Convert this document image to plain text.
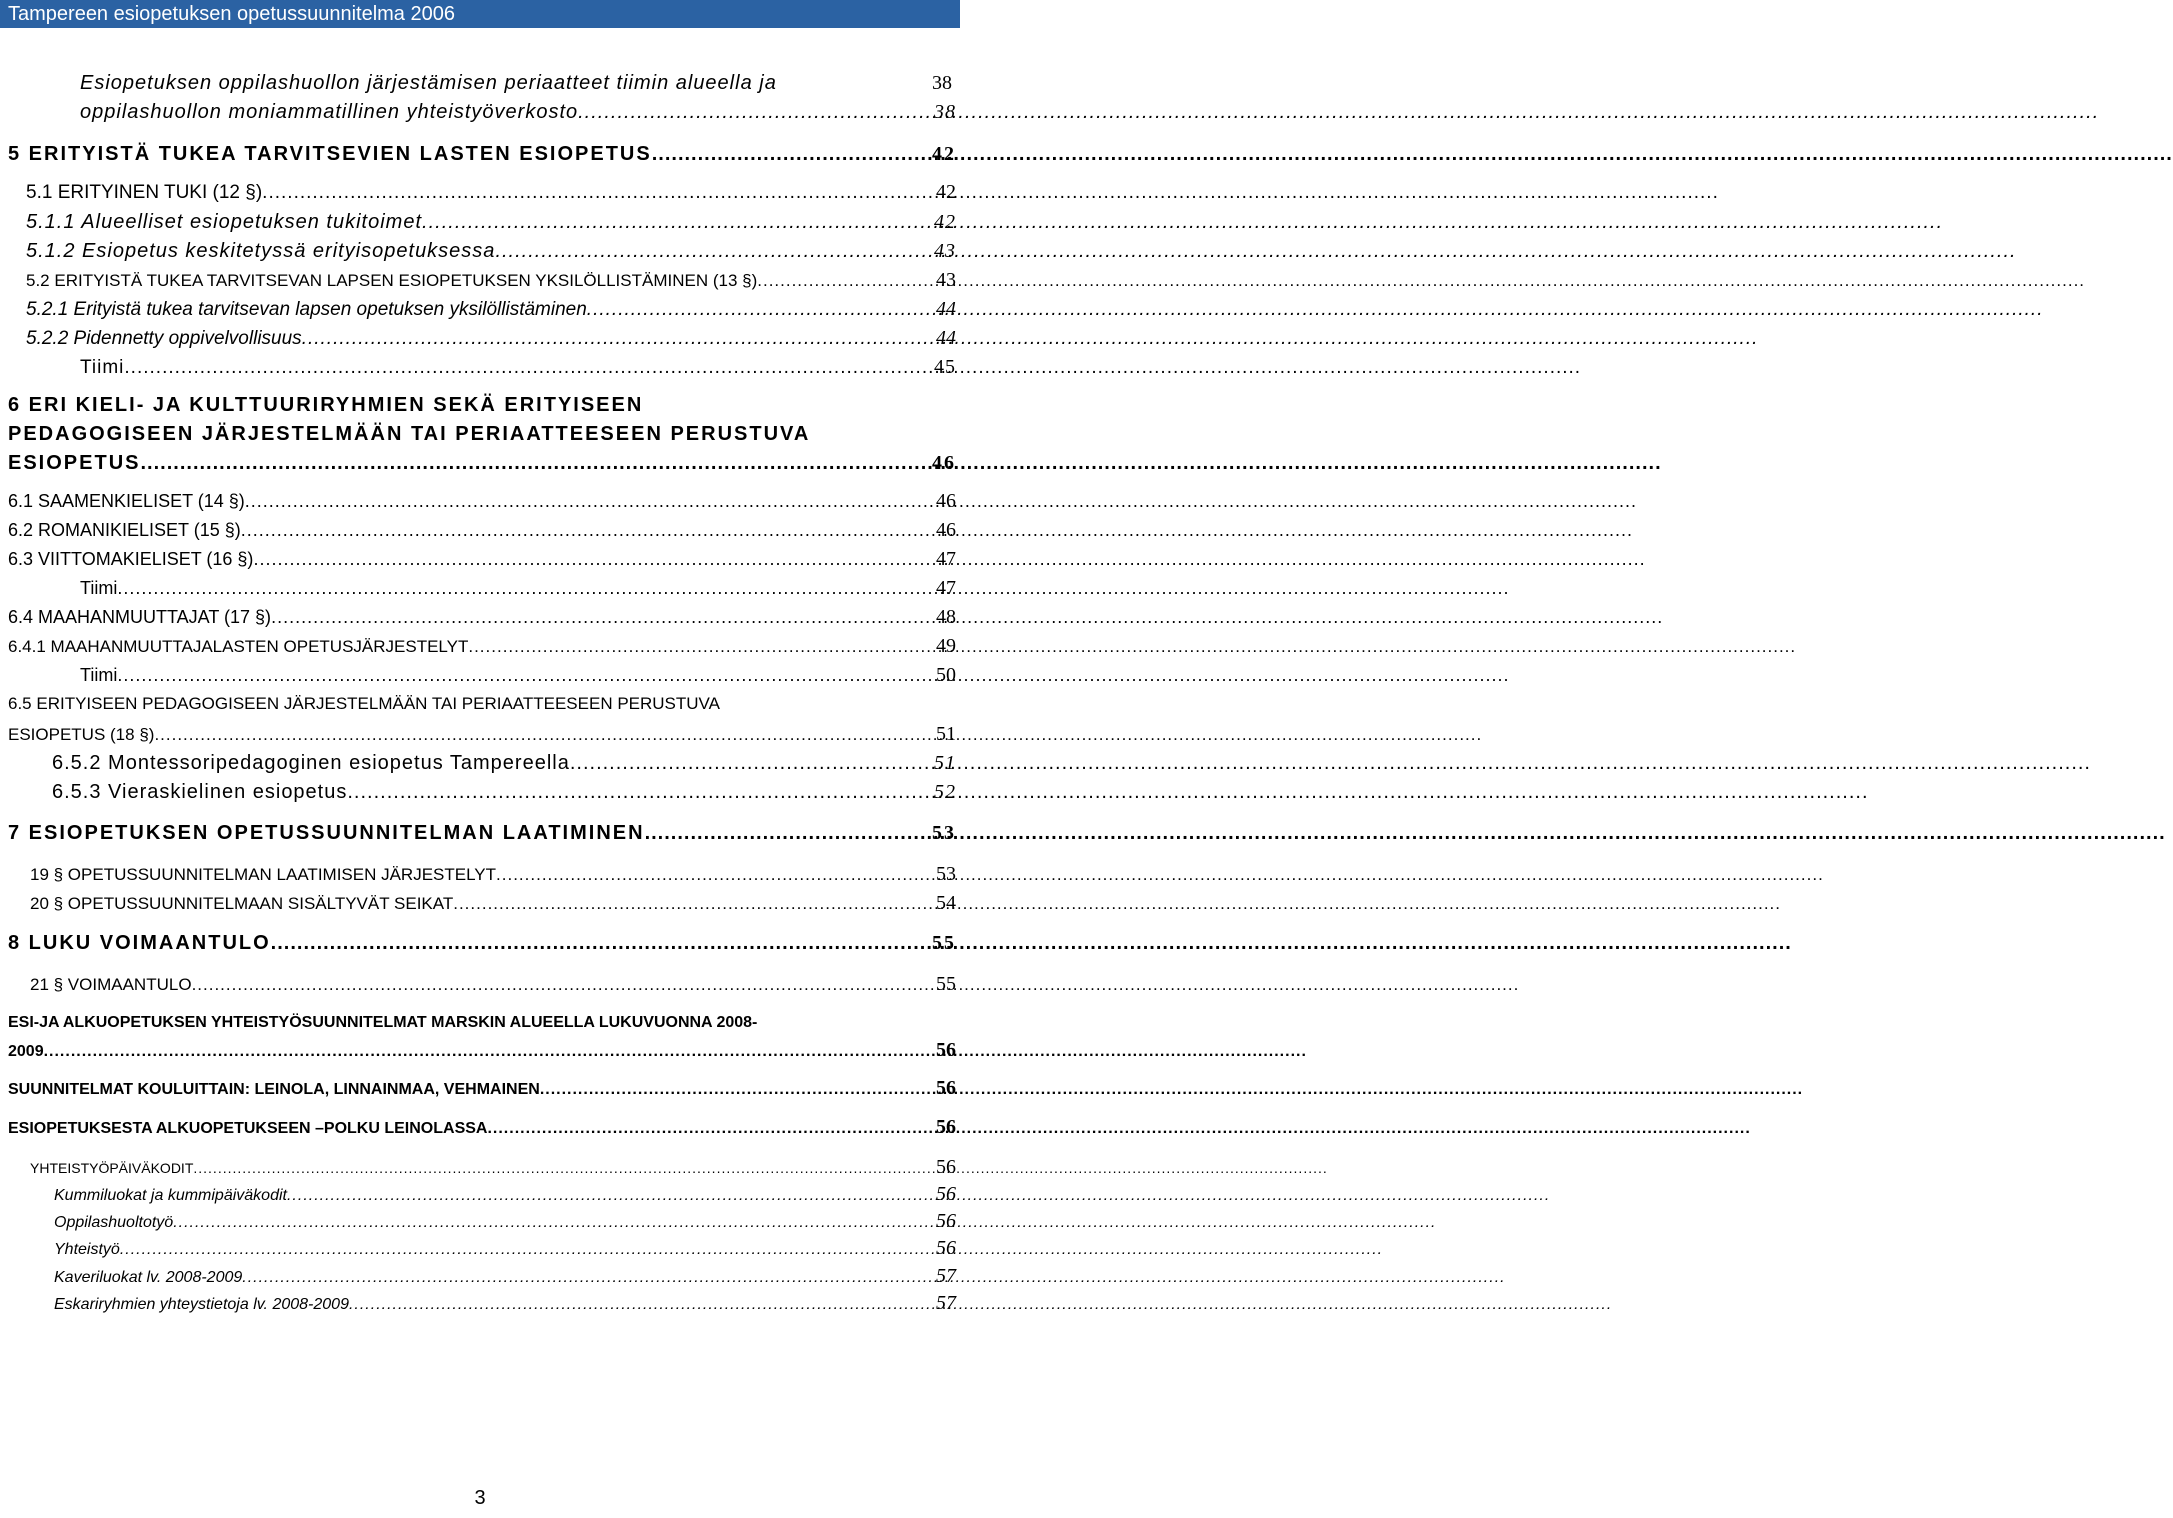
Tampereen esiopetuksen opetussuunnitelma 2006
Esiopetuksen oppilashuollon järjestämisen periaatteet tiimin alueella ja	38
oppilashuollon moniammatillinen yhteistyöverkosto .....	38
5 ERITYISTÄ TUKEA TARVITSEVIEN LASTEN ESIOPETUS .....	42
5.1 ERITYINEN TUKI (12 §) .....	42
5.1.1 Alueelliset esiopetuksen tukitoimet .....	42
5.1.2 Esiopetus keskitetyssä erityisopetuksessa .....	43
5.2 ERITYISTÄ TUKEA TARVITSEVAN LAPSEN ESIOPETUKSEN YKSILÖLLISTÄMINEN (13 §) .....	43
5.2.1 Erityistä tukea tarvitsevan lapsen opetuksen yksilöllistäminen .....	44
5.2.2 Pidennetty oppivelvollisuus .....	44
Tiimi .....	45
6 ERI KIELI- JA KULTTUURIRYHMIEN SEKÄ ERITYISEEN
PEDAGOGISEEN JÄRJESTELMÄÄN TAI PERIAATTEESEEN PERUSTUVA
ESIOPETUS .....	46
6.1 SAAMENKIELISET (14 §) .....	46
6.2 ROMANIKIELISET (15 §) .....	46
6.3 VIITTOMAKIELISET (16 §) .....	47
Tiimi .....	47
6.4 MAAHANMUUTTAJAT (17 §) .....	48
6.4.1 MAAHANMUUTTAJALASTEN OPETUSJÄRJESTELYT .....	49
Tiimi .....	50
6.5 ERITYISEEN PEDAGOGISEEN JÄRJESTELMÄÄN TAI PERIAATTEESEEN PERUSTUVA
ESIOPETUS (18 §) .....	51
6.5.2 Montessoripedagoginen esiopetus Tampereella .....	51
6.5.3 Vieraskielinen esiopetus .....	52
7 ESIOPETUKSEN OPETUSSUUNNITELMAN LAATIMINEN .....	53
19 § OPETUSSUUNNITELMAN LAATIMISEN JÄRJESTELYT .....	53
20 § OPETUSSUUNNITELMAAN SISÄLTYVÄT SEIKAT .....	54
8 LUKU VOIMAANTULO .....	55
21 § VOIMAANTULO .....	55
ESI-JA ALKUOPETUKSEN YHTEISTYÖSUUNNITELMAT MARSKIN ALUEELLA LUKUVUONNA 2008-
2009 .....	56
SUUNNITELMAT KOULUITTAIN: LEINOLA, LINNAINMAA, VEHMAINEN .....	56
ESIOPETUKSESTA ALKUOPETUKSEEN –POLKU LEINOLASSA .....	56
YHTEISTYÖPÄIVÄKODIT .....	56
Kummiluokat ja kummipäiväkodit .....	56
Oppilashuoltotyö .....	56
Yhteistyö .....	56
Kaveriluokat lv. 2008-2009 .....	57
Eskariryhmien yhteystietoja lv. 2008-2009 .....	57
3
